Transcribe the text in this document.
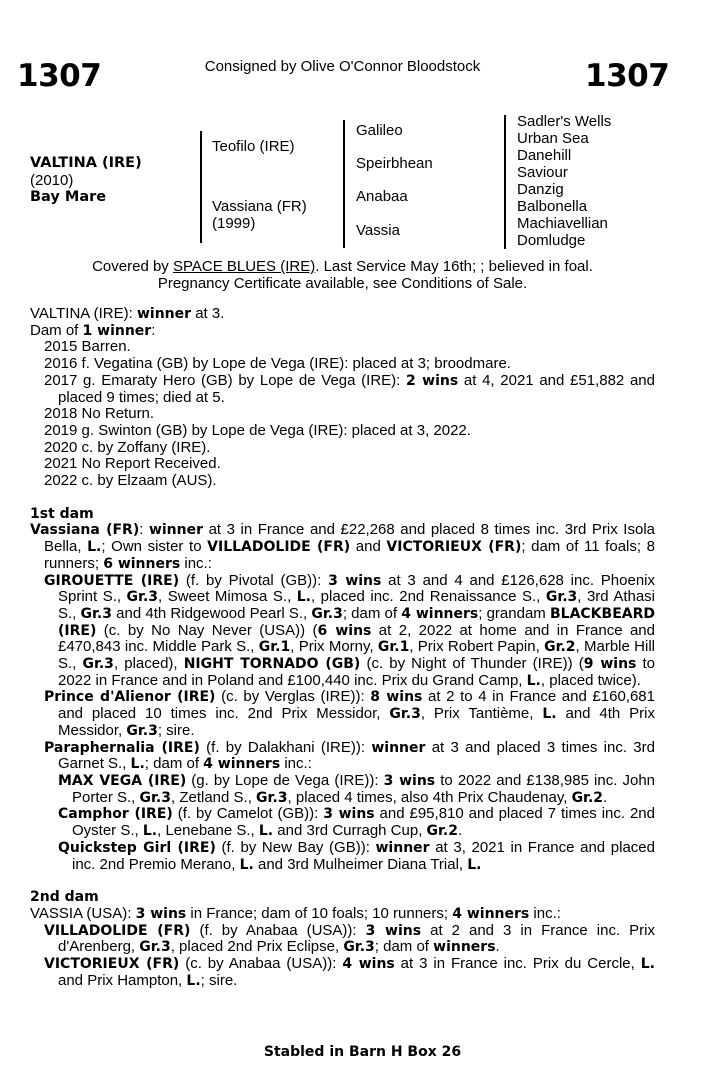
1307	Consigned by Olive O'Connor Bloodstock	1307
VALTINA (IRE)
(2010)
Bay Mare
Teofilo (IRE)
Vassiana (FR)
(1999)
Galileo
Speirbhean
Anabaa
Vassia
Sadler's Wells
Urban Sea
Danehill
Saviour
Danzig
Balbonella
Machiavellian
Domludge
Covered by SPACE BLUES (IRE). Last Service May 16th; ; believed in foal.
Pregnancy Certificate available, see Conditions of Sale.

VALTINA (IRE): winner at 3.

Dam of 1 winner:

2015 Barren.

2016 f. Vegatina (GB) by Lope de Vega (IRE): placed at 3; broodmare.

2017 g. Emaraty Hero (GB) by Lope de Vega (IRE): 2 wins at 4, 2021 and £51,882 and placed 9 times; died at 5.

2018 No Return.

2019 g. Swinton (GB) by Lope de Vega (IRE): placed at 3, 2022.

2020 c. by Zoffany (IRE).

2021 No Report Received.

2022 c. by Elzaam (AUS).

1st dam

Vassiana (FR): winner at 3 in France and £22,268 and placed 8 times inc. 3rd Prix Isola Bella, L.; Own sister to VILLADOLIDE (FR) and VICTORIEUX (FR); dam of 11 foals; 8 runners; 6 winners inc.:

GIROUETTE (IRE) (f. by Pivotal (GB)): 3 wins at 3 and 4 and £126,628 inc. Phoenix Sprint S., Gr.3, Sweet Mimosa S., L., placed inc. 2nd Renaissance S., Gr.3, 3rd Athasi S., Gr.3 and 4th Ridgewood Pearl S., Gr.3; dam of 4 winners; grandam BLACKBEARD (IRE) (c. by No Nay Never (USA)) (6 wins at 2, 2022 at home and in France and £470,843 inc. Middle Park S., Gr.1, Prix Morny, Gr.1, Prix Robert Papin, Gr.2, Marble Hill S., Gr.3, placed), NIGHT TORNADO (GB) (c. by Night of Thunder (IRE)) (9 wins to 2022 in France and in Poland and £100,440 inc. Prix du Grand Camp, L., placed twice).

Prince d'Alienor (IRE) (c. by Verglas (IRE)): 8 wins at 2 to 4 in France and £160,681 and placed 10 times inc. 2nd Prix Messidor, Gr.3, Prix Tantième, L. and 4th Prix Messidor, Gr.3; sire.

Paraphernalia (IRE) (f. by Dalakhani (IRE)): winner at 3 and placed 3 times inc. 3rd Garnet S., L.; dam of 4 winners inc.:

MAX VEGA (IRE) (g. by Lope de Vega (IRE)): 3 wins to 2022 and £138,985 inc. John Porter S., Gr.3, Zetland S., Gr.3, placed 4 times, also 4th Prix Chaudenay, Gr.2.

Camphor (IRE) (f. by Camelot (GB)): 3 wins and £95,810 and placed 7 times inc. 2nd Oyster S., L., Lenebane S., L. and 3rd Curragh Cup, Gr.2.

Quickstep Girl (IRE) (f. by New Bay (GB)): winner at 3, 2021 in France and placed inc. 2nd Premio Merano, L. and 3rd Mulheimer Diana Trial, L.

2nd dam

VASSIA (USA): 3 wins in France; dam of 10 foals; 10 runners; 4 winners inc.:

VILLADOLIDE (FR) (f. by Anabaa (USA)): 3 wins at 2 and 3 in France inc. Prix d'Arenberg, Gr.3, placed 2nd Prix Eclipse, Gr.3; dam of winners.

VICTORIEUX (FR) (c. by Anabaa (USA)): 4 wins at 3 in France inc. Prix du Cercle, L. and Prix Hampton, L.; sire.

Stabled in Barn H Box 26
